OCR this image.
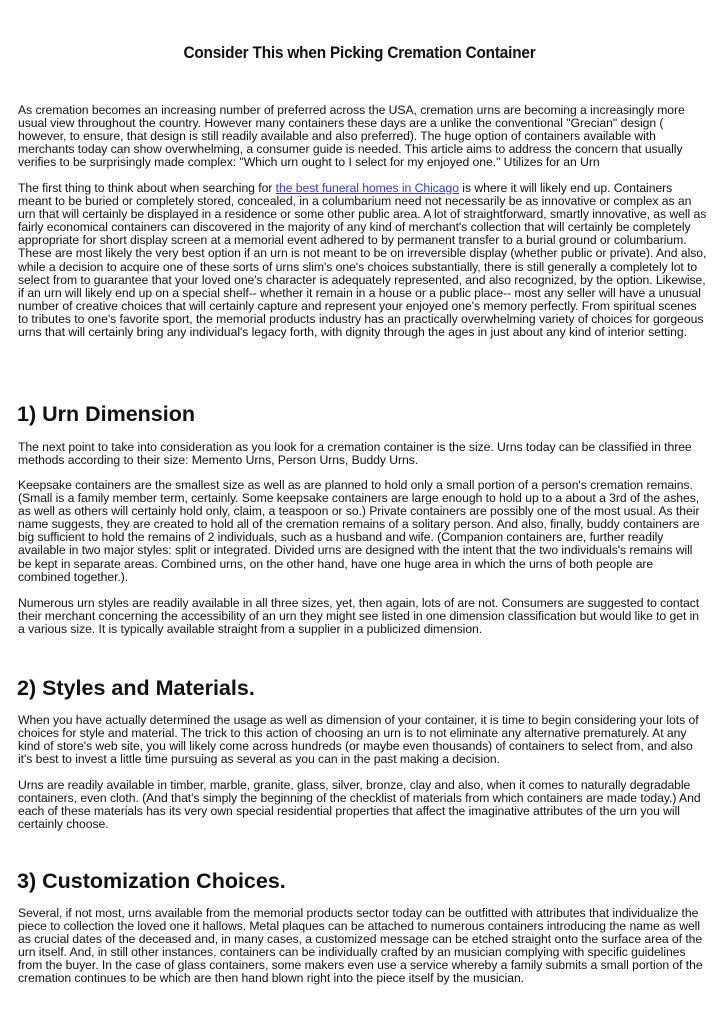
Consider This when Picking Cremation Container

As cremation becomes an increasing number of preferred across the USA, cremation urns are becoming a increasingly more usual view throughout the country. However many containers these days are a unlike the conventional "Grecian" design ( however, to ensure, that design is still readily available and also preferred). The huge option of containers available with merchants today can show overwhelming, a consumer guide is needed. This article aims to address the concern that usually verifies to be surprisingly made complex: "Which urn ought to I select for my enjoyed one." Utilizes for an Urn

The first thing to think about when searching for the best funeral homes in Chicago is where it will likely end up. Containers meant to be buried or completely stored, concealed, in a columbarium need not necessarily be as innovative or complex as an urn that will certainly be displayed in a residence or some other public area. A lot of straightforward, smartly innovative, as well as fairly economical containers can discovered in the majority of any kind of merchant's collection that will certainly be completely appropriate for short display screen at a memorial event adhered to by permanent transfer to a burial ground or columbarium. These are most likely the very best option if an urn is not meant to be on irreversible display (whether public or private). And also, while a decision to acquire one of these sorts of urns slim's one's choices substantially, there is still generally a completely lot to select from to guarantee that your loved one's character is adequately represented, and also recognized, by the option. Likewise, if an urn will likely end up on a special shelf-- whether it remain in a house or a public place-- most any seller will have a unusual number of creative choices that will certainly capture and represent your enjoyed one's memory perfectly. From spiritual scenes to tributes to one's favorite sport, the memorial products industry has an practically overwhelming variety of choices for gorgeous urns that will certainly bring any individual's legacy forth, with dignity through the ages in just about any kind of interior setting.

1) Urn Dimension

The next point to take into consideration as you look for a cremation container is the size. Urns today can be classified in three methods according to their size: Memento Urns, Person Urns, Buddy Urns.

Keepsake containers are the smallest size as well as are planned to hold only a small portion of a person's cremation remains. (Small is a family member term, certainly. Some keepsake containers are large enough to hold up to a about a 3rd of the ashes, as well as others will certainly hold only, claim, a teaspoon or so.) Private containers are possibly one of the most usual. As their name suggests, they are created to hold all of the cremation remains of a solitary person. And also, finally, buddy containers are big sufficient to hold the remains of 2 individuals, such as a husband and wife. (Companion containers are, further readily available in two major styles: split or integrated. Divided urns are designed with the intent that the two individuals's remains will be kept in separate areas. Combined urns, on the other hand, have one huge area in which the urns of both people are combined together.).

Numerous urn styles are readily available in all three sizes, yet, then again, lots of are not. Consumers are suggested to contact their merchant concerning the accessibility of an urn they might see listed in one dimension classification but would like to get in a various size. It is typically available straight from a supplier in a publicized dimension.

2) Styles and Materials.

When you have actually determined the usage as well as dimension of your container, it is time to begin considering your lots of choices for style and material. The trick to this action of choosing an urn is to not eliminate any alternative prematurely. At any kind of store's web site, you will likely come across hundreds (or maybe even thousands) of containers to select from, and also it's best to invest a little time pursuing as several as you can in the past making a decision.

Urns are readily available in timber, marble, granite, glass, silver, bronze, clay and also, when it comes to naturally degradable containers, even cloth. (And that's simply the beginning of the checklist of materials from which containers are made today.) And each of these materials has its very own special residential properties that affect the imaginative attributes of the urn you will certainly choose.

3) Customization Choices.

Several, if not most, urns available from the memorial products sector today can be outfitted with attributes that individualize the piece to collection the loved one it hallows. Metal plaques can be attached to numerous containers introducing the name as well as crucial dates of the deceased and, in many cases, a customized message can be etched straight onto the surface area of the urn itself. And, in still other instances, containers can be individually crafted by an musician complying with specific guidelines from the buyer. In the case of glass containers, some makers even use a service whereby a family submits a small portion of the cremation continues to be which are then hand blown right into the piece itself by the musician.
